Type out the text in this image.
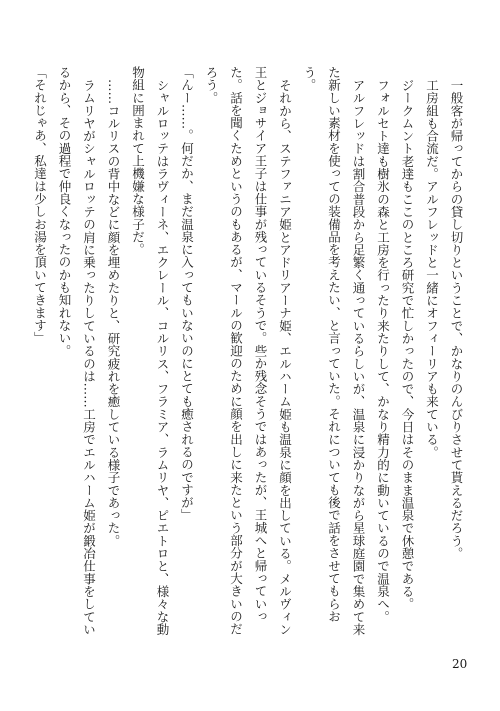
一般客が帰ってからの貸し切りということで、かなりのんびりさせて貰えるだろう。

工房組も合流だ。アルフレッドと一緒にオフィーリアも来ている。

ジークムント老達もここのところ研究で忙しかったので、今日はそのまま温泉で休憩である。

フォルセト達も樹氷の森と工房を行ったり来たりして、かなり精力的に動いているので温泉へ。

アルフレッドは割合普段から足繁く通っているらしいが、温泉に浸かりながら星球庭園で集めて来た新しい素材を使っての装備品を考えたい、と言っていた。それについても後で話をさせてもらおう。

それから、ステファニア姫とアドリアーナ姫、エルハーム姫も温泉に顔を出している。メルヴィン王とジョサイア王子は仕事が残っているそうで。些か残念そうではあったが、王城へと帰っていった。話を聞くためというのもあるが、マールの歓迎のために顔を出しに来たという部分が大きいのだろう。

「んー……。何だか、まだ温泉に入ってもいないのにとても癒されるのですが」

シャルロッテはラヴィーネ、エクレール、コルリス、フラミア、ラムリヤ、ピエトロと、様々な動物組に囲まれて上機嫌な様子だ。

……コルリスの背中などに顔を埋めたりと、研究疲れを癒している様子であった。

ラムリヤがシャルロッテの肩に乗ったりしているのは……工房でエルハーム姫が鍛冶仕事をしているから、その過程で仲良くなったのかも知れない。

「それじゃあ、私達は少しお湯を頂いてきます」

20
